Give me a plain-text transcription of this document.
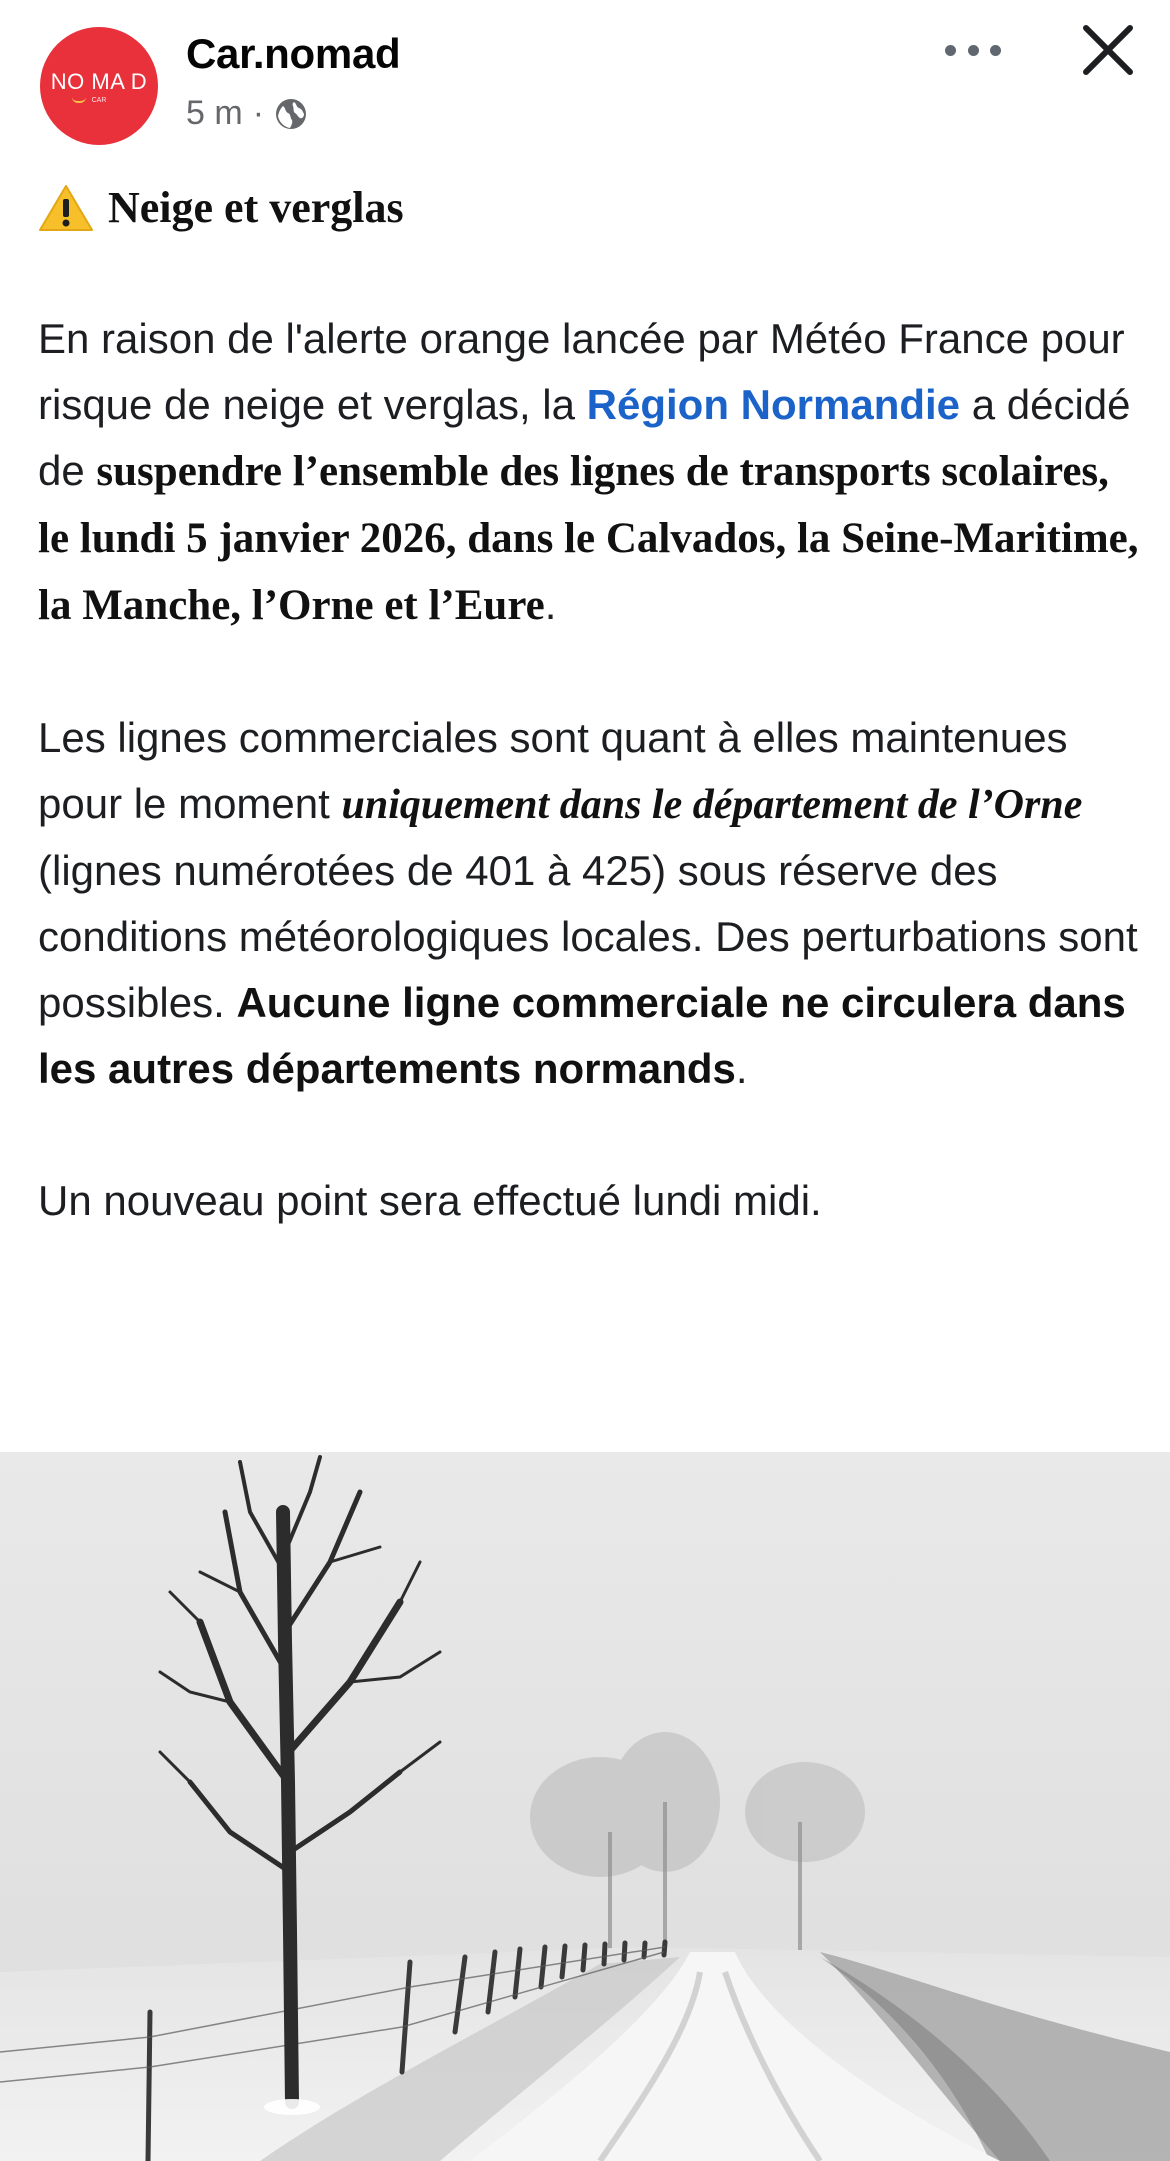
NO MA D
CAR
Car.nomad
5 m ·
Neige et verglas

En raison de l'alerte orange lancée par Météo France pour risque de neige et verglas, la Région Normandie a décidé de suspendre l’ensemble des lignes de transports scolaires, le lundi 5 janvier 2026, dans le Calvados, la Seine-Maritime, la Manche, l’Orne et l’Eure.

Les lignes commerciales sont quant à elles maintenues pour le moment uniquement dans le département de l’Orne (lignes numérotées de 401 à 425) sous réserve des conditions météorologiques locales. Des perturbations sont possibles. Aucune ligne commerciale ne circulera dans les autres départements normands.

Un nouveau point sera effectué lundi midi.
